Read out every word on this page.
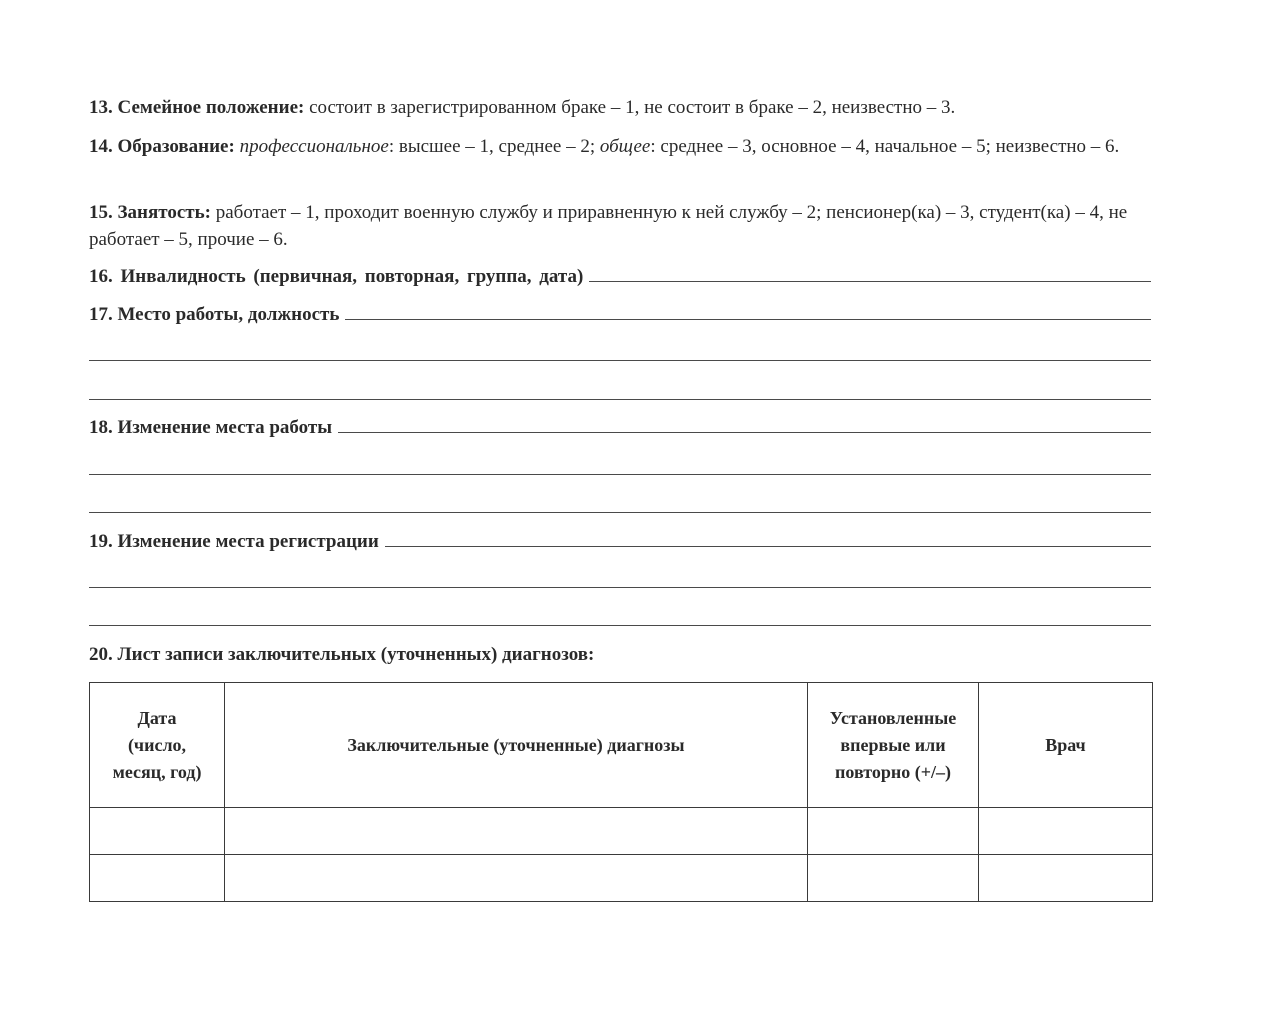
13. Семейное положение: состоит в зарегистрированном браке – 1, не состоит в браке – 2, неизвестно – 3.

14. Образование: профессиональное: высшее – 1, среднее – 2; общее: среднее – 3, основное – 4, начальное – 5; неизвестно – 6.

15. Занятость: работает – 1, проходит военную службу и приравненную к ней службу – 2; пенсионер(ка) – 3, студент(ка) – 4, не работает – 5, прочие – 6.

16. Инвалидность (первичная, повторная, группа, дата)
17. Место работы, должность
18. Изменение места работы
19. Изменение места регистрации

20. Лист записи заключительных (уточненных) диагнозов:

Дата (число, месяц, год)	Заключительные (уточненные) диагнозы	Установленные впервые или повторно (+/–)	Врач
